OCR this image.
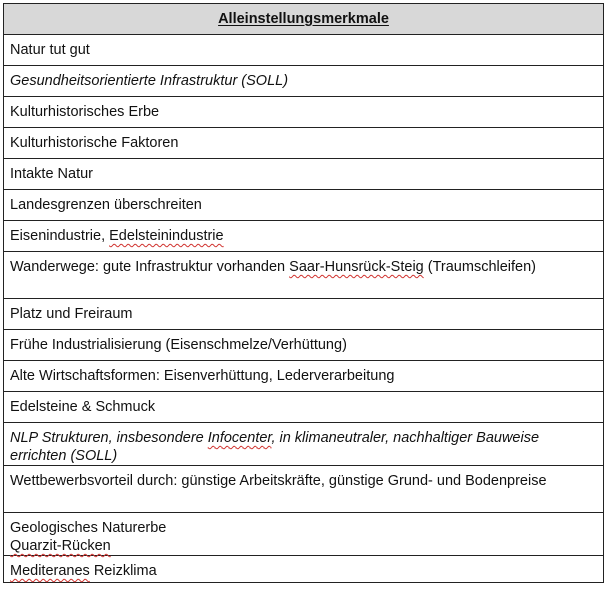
Alleinstellungsmerkmale
Natur tut gut
Gesundheitsorientierte Infrastruktur (SOLL)
Kulturhistorisches Erbe
Kulturhistorische Faktoren
Intakte Natur
Landesgrenzen überschreiten
Eisenindustrie, Edelsteinindustrie
Wanderwege: gute Infrastruktur vorhanden Saar-Hunsrück-Steig (Traumschleifen)
Platz und Freiraum
Frühe Industrialisierung (Eisenschmelze/Verhüttung)
Alte Wirtschaftsformen: Eisenverhüttung, Lederverarbeitung
Edelsteine & Schmuck
NLP Strukturen, insbesondere Infocenter, in klimaneutraler, nachhaltiger Bauweise errichten (SOLL)
Wettbewerbsvorteil durch: günstige Arbeitskräfte, günstige Grund- und Bodenpreise
Geologisches Naturerbe
Quarzit-Rücken
Mediteranes Reizklima
